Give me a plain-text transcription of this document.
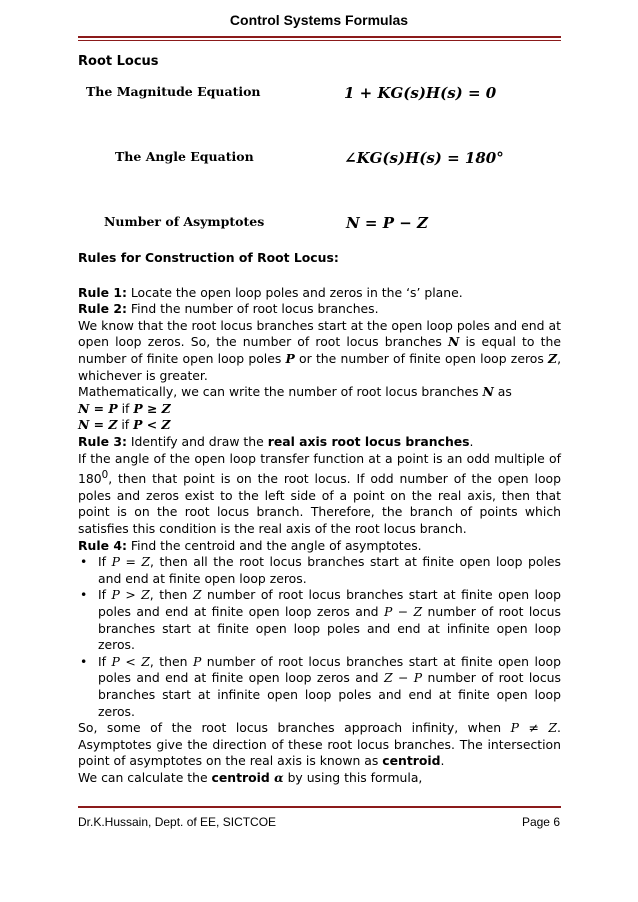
Control Systems Formulas
Root Locus
The Magnitude Equation	1 + KG(s)H(s) = 0
The Angle Equation	∠KG(s)H(s) = 180°
Number of Asymptotes	N = P − Z

Rules for Construction of Root Locus:

Rule 1: Locate the open loop poles and zeros in the ‘s’ plane.

Rule 2: Find the number of root locus branches.

We know that the root locus branches start at the open loop poles and end at open loop zeros. So, the number of root locus branches N is equal to the number of finite open loop poles P or the number of finite open loop zeros Z, whichever is greater.

Mathematically, we can write the number of root locus branches N as

N = P if P ≥ Z

N = Z if P < Z

Rule 3: Identify and draw the real axis root locus branches.

If the angle of the open loop transfer function at a point is an odd multiple of $180^0$, then that point is on the root locus. If odd number of the open loop poles and zeros exist to the left side of a point on the real axis, then that point is on the root locus branch. Therefore, the branch of points which satisfies this condition is the real axis of the root locus branch.

Rule 4: Find the centroid and the angle of asymptotes.

• If P = Z, then all the root locus branches start at finite open loop poles and end at finite open loop zeros.
• If P > Z, then Z number of root locus branches start at finite open loop poles and end at finite open loop zeros and P − Z number of root locus branches start at finite open loop poles and end at infinite open loop zeros.
• If P < Z, then P number of root locus branches start at finite open loop poles and end at finite open loop zeros and Z − P number of root locus branches start at infinite open loop poles and end at finite open loop zeros.

So, some of the root locus branches approach infinity, when P ≠ Z. Asymptotes give the direction of these root locus branches. The intersection point of asymptotes on the real axis is known as centroid.

We can calculate the centroid α by using this formula,

Dr.K.Hussain, Dept. of EE, SICTCOE	Page 6
